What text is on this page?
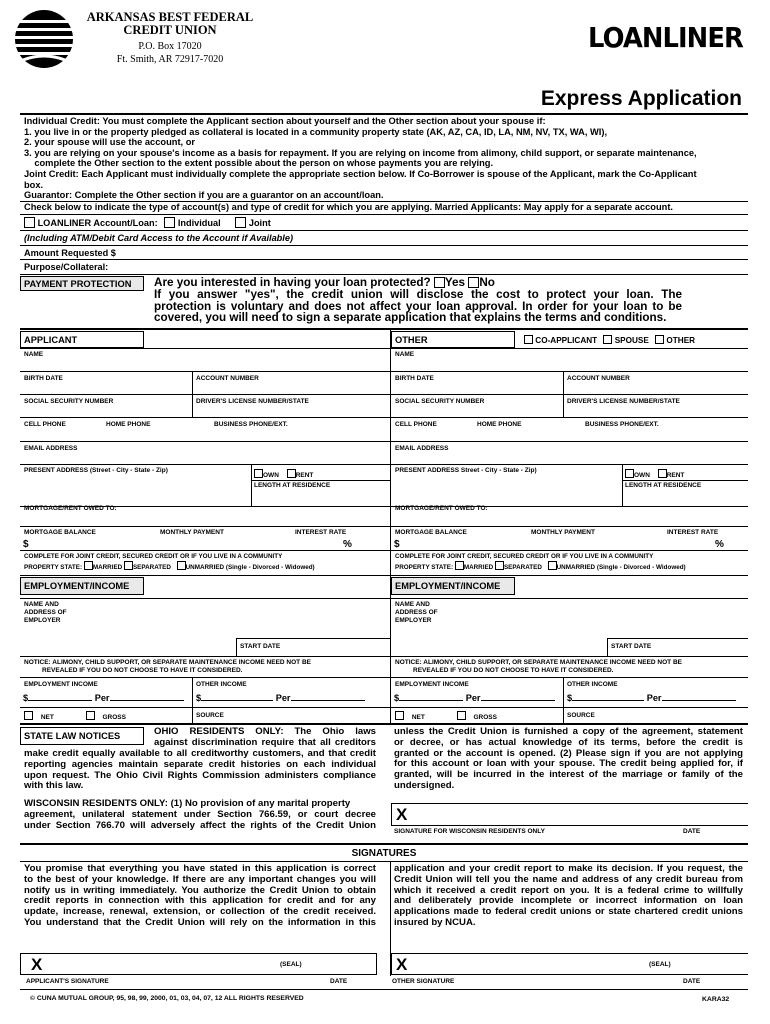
ARKANSAS BEST FEDERAL
CREDIT UNION
P.O. Box 17020
Ft. Smith, AR 72917-7020
LOANLINER
Express Application
Individual Credit: You must complete the Applicant section about yourself and the Other section about your spouse if:
1. you live in or the property pledged as collateral is located in a community property state (AK, AZ, CA, ID, LA, NM, NV, TX, WA, WI),
2. your spouse will use the account, or
3. you are relying on your spouse's income as a basis for repayment. If you are relying on income from alimony, child support, or separate maintenance,
complete the Other section to the extent possible about the person on whose payments you are relying.
Joint Credit: Each Applicant must individually complete the appropriate section below. If Co-Borrower is spouse of the Applicant, mark the Co-Applicant
box.
Guarantor: Complete the Other section if you are a guarantor on an account/loan.
Check below to indicate the type of account(s) and type of credit for which you are applying. Married Applicants: May apply for a separate account.
LOANLINER Account/Loan: Individual	Joint
(Including ATM/Debit Card Access to the Account if Available)
Amount Requested $
Purpose/Collateral:
PAYMENT PROTECTION Are you interested in having your loan protected? Yes No
If you answer "yes", the credit union will disclose the cost to protect your loan. The
protection is voluntary and does not affect your loan approval. In order for your loan to be
covered, you will need to sign a separate application that explains the terms and conditions.
APPLICANT	OTHER	CO-APPLICANT SPOUSE OTHER
NAME
BIRTH DATE	ACCOUNT NUMBER
SOCIAL SECURITY NUMBER	DRIVER'S LICENSE NUMBER/STATE
CELL PHONE	HOME PHONE	BUSINESS PHONE/EXT.
EMAIL ADDRESS
PRESENT ADDRESS (Street - City - State - Zip)
OWN	RENT
LENGTH AT RESIDENCE
MORTGAGE/RENT OWED TO:
MORTGAGE BALANCE	MONTHLY PAYMENT	INTEREST RATE
$	%
COMPLETE FOR JOINT CREDIT, SECURED CREDIT OR IF YOU LIVE IN A COMMUNITY
PROPERTY STATE: MARRIED SEPARATED UNMARRIED (Single - Divorced - Widowed)
EMPLOYMENT/INCOME
NAME AND
ADDRESS OF
EMPLOYER
START DATE
NOTICE: ALIMONY, CHILD SUPPORT, OR SEPARATE MAINTENANCE INCOME NEED NOT BE
REVEALED IF YOU DO NOT CHOOSE TO HAVE IT CONSIDERED.
EMPLOYMENT INCOME	OTHER INCOME
$	Per	$	Per
NET	GROSS	SOURCE
NAME
BIRTH DATE	ACCOUNT NUMBER
SOCIAL SECURITY NUMBER	DRIVER'S LICENSE NUMBER/STATE
CELL PHONE	HOME PHONE	BUSINESS PHONE/EXT.
EMAIL ADDRESS
PRESENT ADDRESS Street - City - State - Zip)
OWN	RENT
LENGTH AT RESIDENCE
MORTGAGE/RENT OWED TO:
MORTGAGE BALANCE	MONTHLY PAYMENT	INTEREST RATE
$	%
COMPLETE FOR JOINT CREDIT, SECURED CREDIT OR IF YOU LIVE IN A COMMUNITY
PROPERTY STATE: MARRIED SEPARATED UNMARRIED (Single - Divorced - Widowed)
EMPLOYMENT/INCOME
NAME AND
ADDRESS OF
EMPLOYER
START DATE
NOTICE: ALIMONY, CHILD SUPPORT, OR SEPARATE MAINTENANCE INCOME NEED NOT BE
REVEALED IF YOU DO NOT CHOOSE TO HAVE IT CONSIDERED.
EMPLOYMENT INCOME	OTHER INCOME
$	Per	$	Per
NET	GROSS	SOURCE
STATE LAW NOTICES	OHIO RESIDENTS ONLY: The Ohio laws
against discrimination require that all creditors
make credit equally available to all creditworthy customers, and that credit
reporting agencies maintain separate credit histories on each individual
upon request. The Ohio Civil Rights Commission administers compliance
with this law.
unless the Credit Union is furnished a copy of the agreement, statement
or decree, or has actual knowledge of its terms, before the credit is
granted or the account is opened. (2) Please sign if you are not applying
for this account or loan with your spouse. The credit being applied for, if
granted, will be incurred in the interest of the marriage or family of the
undersigned.
WISCONSIN RESIDENTS ONLY: (1) No provision of any marital property
agreement, unilateral statement under Section 766.59, or court decree
under Section 766.70 will adversely affect the rights of the Credit Union
X
SIGNATURE FOR WISCONSIN RESIDENTS ONLY	DATE
SIGNATURES
You promise that everything you have stated in this application is correct
to the best of your knowledge. If there are any important changes you will
notify us in writing immediately. You authorize the Credit Union to obtain
credit reports in connection with this application for credit and for any
update, increase, renewal, extension, or collection of the credit received.
You understand that the Credit Union will rely on the information in this
application and your credit report to make its decision. If you request, the
Credit Union will tell you the name and address of any credit bureau from
which it received a credit report on you. It is a federal crime to willfully
and deliberately provide incomplete or incorrect information on loan
applications made to federal credit unions or state chartered credit unions
insured by NCUA.
X	(SEAL)
APPLICANT'S SIGNATURE	DATE
X	(SEAL)
OTHER SIGNATURE	DATE
© CUNA MUTUAL GROUP, 95, 98, 99, 2000, 01, 03, 04, 07, 12 ALL RIGHTS RESERVED	KARA32
